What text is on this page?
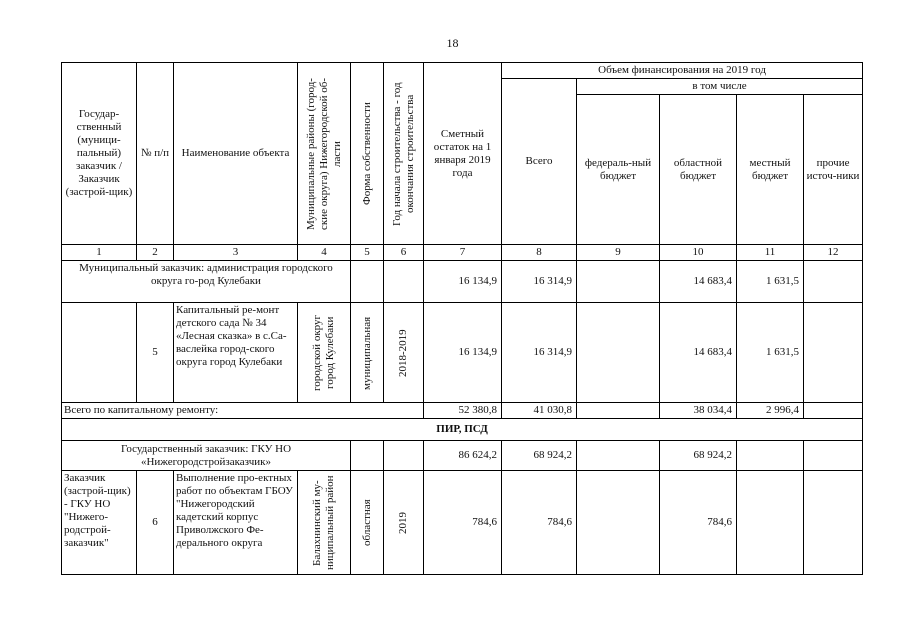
18
Государ-ственный (муници-пальный) заказчик / Заказчик (застрой-щик)	№ п/п	Наименование объекта	Муниципальные районы (город-ские округа) Нижегородской об-ласти	Форма собственности	Год начала строительства - год окончания строительства	Сметный остаток на 1 января 2019 года	Объем финансирования на 2019 год				
							Всего	в том числе			
								федераль-ный бюджет	областной бюджет	местный бюджет	прочие источ-ники
1	2	3	4	5	6	7	8	9	10	11	12
Муниципальный заказчик: администрация городского округа го-род Кулебаки						16 134,9	16 314,9		14 683,4	1 631,5	
	5	Капитальный ре-монт детского сада № 34 «Лесная сказка» в с.Са-васлейка город-ского округа город Кулебаки	городской округ город Кулебаки	муниципальная	2018-2019	16 134,9	16 314,9		14 683,4	1 631,5	
Всего по капитальному ремонту:						52 380,8	41 030,8		38 034,4	2 996,4	
ПИР, ПСД											
Государственный заказчик: ГКУ НО «Нижегородстройзаказчик»						86 624,2	68 924,2		68 924,2		
Заказчик (застрой-щик) - ГКУ НО "Нижего-родстрой-заказчик"	6	Выполнение про-ектных работ по объектам ГБОУ "Нижегородский кадетский корпус Приволжского Фе-дерального округа	Балахнинский му-ниципальный район	областная	2019	784,6	784,6		784,6		
